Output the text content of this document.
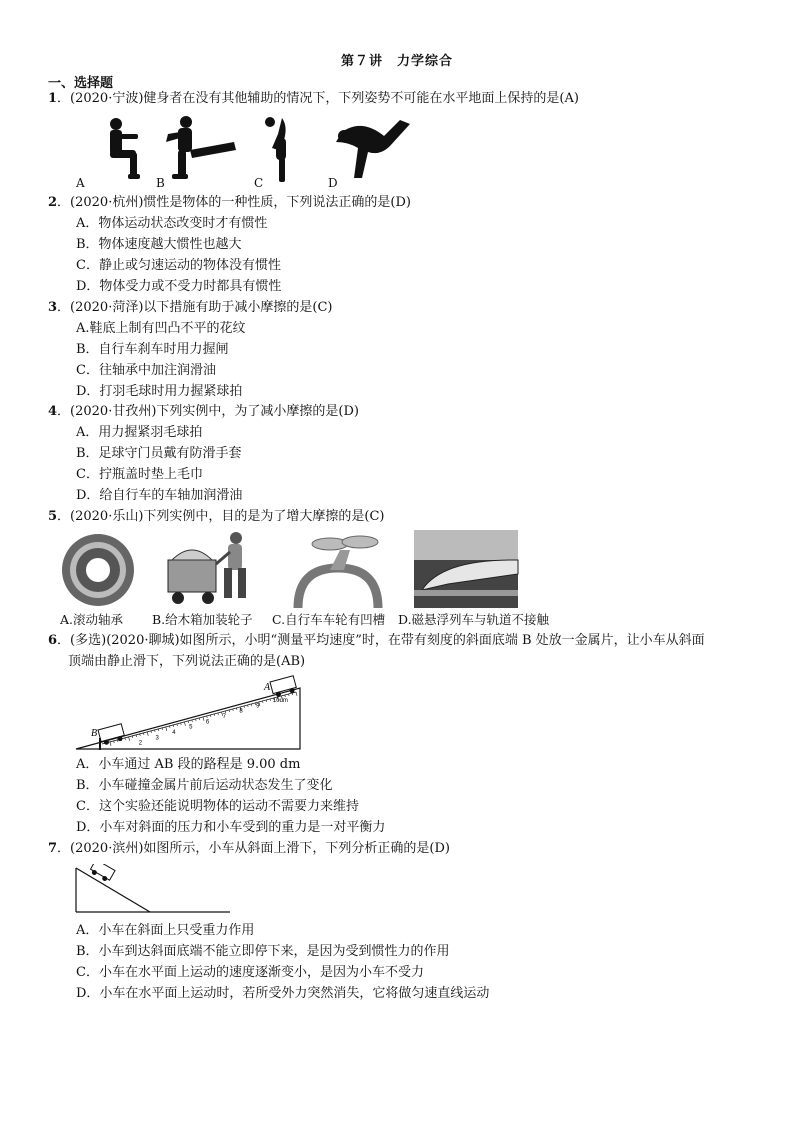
第７讲　力学综合
一、选择题
1．(2020·宁波)健身者在没有其他辅助的情况下，下列姿势不可能在水平地面上保持的是(A)
A	B	C	D
2．(2020·杭州)惯性是物体的一种性质，下列说法正确的是(D)
A．物体运动状态改变时才有惯性
B．物体速度越大惯性也越大
C．静止或匀速运动的物体没有惯性
D．物体受力或不受力时都具有惯性
3．(2020·菏泽)以下措施有助于减小摩擦的是(C)
A.鞋底上制有凹凸不平的花纹
B．自行车刹车时用力握闸
C．往轴承中加注润滑油
D．打羽毛球时用力握紧球拍
4．(2020·甘孜州)下列实例中，为了减小摩擦的是(D)
A．用力握紧羽毛球拍
B．足球守门员戴有防滑手套
C．拧瓶盖时垫上毛巾
D．给自行车的车轴加润滑油
5．(2020·乐山)下列实例中，目的是为了增大摩擦的是(C)
A.滚动轴承 B.给木箱加装轮子 C.自行车车轮有凹槽 D.磁悬浮列车与轨道不接触
6．(多选)(2020·聊城)如图所示，小明“测量平均速度”时，在带有刻度的斜面底端 B 处放一金属片，让小车从斜面
顶端由静止滑下，下列说法正确的是(AB)
B
A
2
3
4
5
6
7
8
9
10dm
A．小车通过 AB 段的路程是 9.00 dm
B．小车碰撞金属片前后运动状态发生了变化
C．这个实验还能说明物体的运动不需要力来维持
D．小车对斜面的压力和小车受到的重力是一对平衡力
7．(2020·滨州)如图所示，小车从斜面上滑下，下列分析正确的是(D)
A．小车在斜面上只受重力作用
B．小车到达斜面底端不能立即停下来，是因为受到惯性力的作用
C．小车在水平面上运动的速度逐渐变小，是因为小车不受力
D．小车在水平面上运动时，若所受外力突然消失，它将做匀速直线运动
